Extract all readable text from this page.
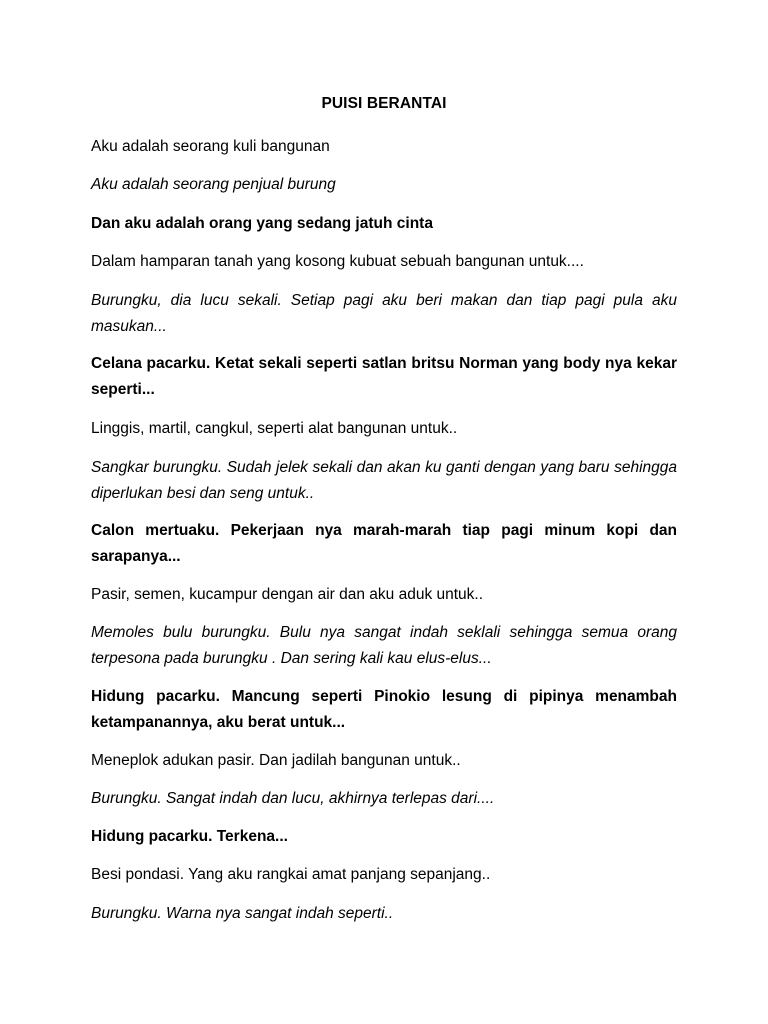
PUISI BERANTAI
Aku adalah seorang kuli bangunan
Aku adalah seorang penjual burung
Dan aku adalah orang yang sedang jatuh cinta
Dalam hamparan tanah yang kosong kubuat sebuah bangunan untuk....
Burungku, dia lucu sekali. Setiap pagi aku beri makan dan tiap pagi pula aku masukan...
Celana pacarku. Ketat sekali seperti satlan britsu Norman yang body nya kekar seperti...
Linggis, martil, cangkul, seperti alat bangunan untuk..
Sangkar burungku. Sudah jelek sekali dan akan ku ganti dengan yang baru sehingga diperlukan besi dan seng untuk..
Calon mertuaku. Pekerjaan nya marah-marah tiap pagi minum kopi dan sarapanya...
Pasir, semen, kucampur dengan air dan aku aduk untuk..
Memoles bulu burungku. Bulu nya sangat indah seklali sehingga semua orang terpesona pada burungku . Dan sering kali kau elus-elus...
Hidung pacarku. Mancung seperti Pinokio lesung di pipinya menambah ketampanannya, aku berat untuk...
Meneplok adukan pasir. Dan jadilah bangunan untuk..
Burungku. Sangat indah dan lucu, akhirnya terlepas dari....
Hidung pacarku. Terkena...
Besi pondasi. Yang aku rangkai amat panjang sepanjang..
Burungku. Warna nya sangat indah seperti..
